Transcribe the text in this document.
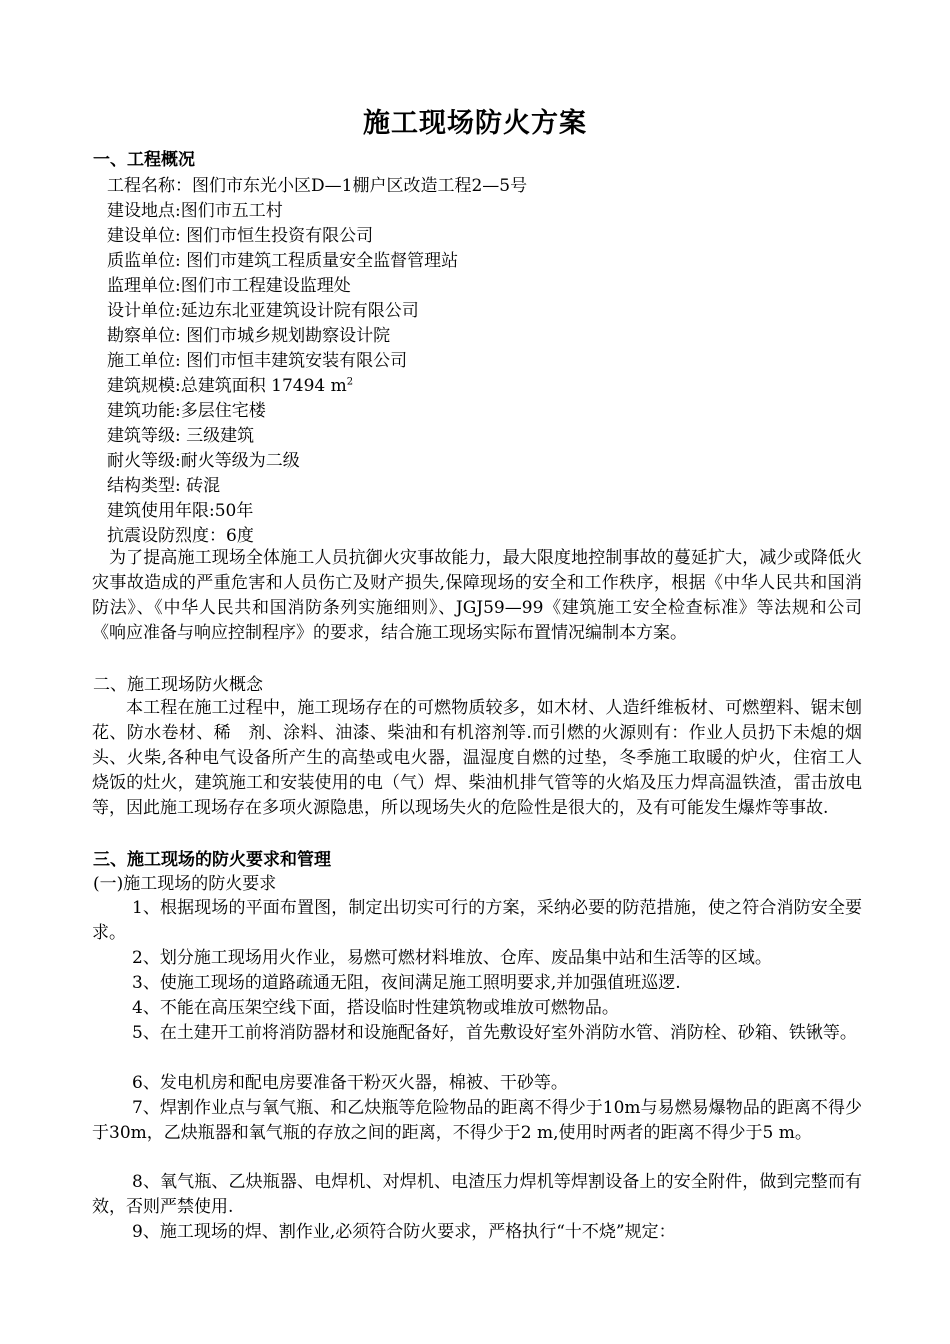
施工现场防火方案
一、工程概况
工程名称：图们市东光小区D—1棚户区改造工程2—5号
建设地点:图们市五工村
建设单位: 图们市恒生投资有限公司
质监单位: 图们市建筑工程质量安全监督管理站
监理单位:图们市工程建设监理处
设计单位:延边东北亚建筑设计院有限公司
勘察单位: 图们市城乡规划勘察设计院
施工单位: 图们市恒丰建筑安装有限公司
建筑规模:总建筑面积 17494 $m^2$
建筑功能:多层住宅楼
建筑等级: 三级建筑
耐火等级:耐火等级为二级
结构类型: 砖混
建筑使用年限:50年
抗震设防烈度：6度
为了提高施工现场全体施工人员抗御火灾事故能力，最大限度地控制事故的蔓延扩大，减少或降低火灾事故造成的严重危害和人员伤亡及财产损失,保障现场的安全和工作秩序，根据《中华人民共和国消防法》、《中华人民共和国消防条列实施细则》、JGJ59—99《建筑施工安全检查标准》等法规和公司《响应准备与响应控制程序》的要求，结合施工现场实际布置情况编制本方案。
二、施工现场防火概念
本工程在施工过程中，施工现场存在的可燃物质较多，如木材、人造纤维板材、可燃塑料、锯末刨花、防水卷材、稀　剂、涂料、油漆、柴油和有机溶剂等.而引燃的火源则有：作业人员扔下未熄的烟头、火柴,各种电气设备所产生的高垫或电火器，温湿度自燃的过垫，冬季施工取暖的炉火，住宿工人烧饭的灶火，建筑施工和安装使用的电（气）焊、柴油机排气管等的火焰及压力焊高温铁渣，雷击放电等，因此施工现场存在多项火源隐患，所以现场失火的危险性是很大的，及有可能发生爆炸等事故.
三、施工现场的防火要求和管理
(一)施工现场的防火要求
1、根据现场的平面布置图，制定出切实可行的方案，采纳必要的防范措施，使之符合消防安全要求。
2、划分施工现场用火作业，易燃可燃材料堆放、仓库、废品集中站和生活等的区域。
3、使施工现场的道路疏通无阻，夜间满足施工照明要求,并加强值班巡逻.
4、不能在高压架空线下面，搭设临时性建筑物或堆放可燃物品。
5、在土建开工前将消防器材和设施配备好，首先敷设好室外消防水管、消防栓、砂箱、铁锹等。
6、发电机房和配电房要准备干粉灭火器，棉被、干砂等。
7、焊割作业点与氧气瓶、和乙炔瓶等危险物品的距离不得少于10m与易燃易爆物品的距离不得少于30m，乙炔瓶器和氧气瓶的存放之间的距离，不得少于2 m,使用时两者的距离不得少于5 m。
8、氧气瓶、乙炔瓶器、电焊机、对焊机、电渣压力焊机等焊割设备上的安全附件，做到完整而有效，否则严禁使用.
9、施工现场的焊、割作业,必须符合防火要求，严格执行“十不烧”规定：
